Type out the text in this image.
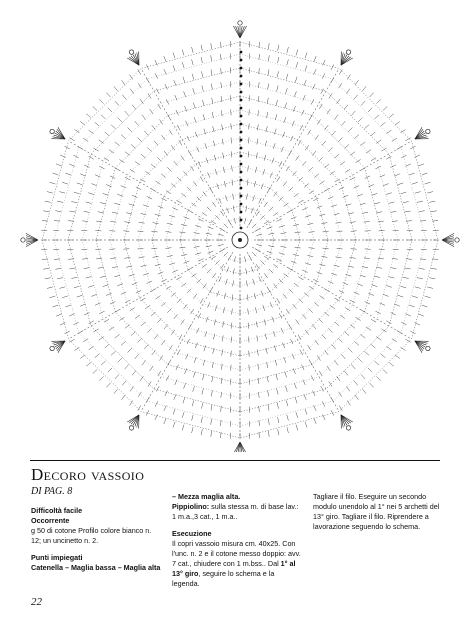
Decoro vassoio
DI PAG. 8

Difficoltà facile

Occorrente

g 50 di cotone Profilo colore bianco n. 12; un uncinetto n. 2.

Punti impiegati

Catenella – Maglia bassa – Maglia alta

– Mezza maglia alta.

Pippiolino: sulla stessa m. di base lav.: 1 m.a.,3 cat., 1 m.a..

Esecuzione

Il copri vassoio misura cm. 40x25. Con l'unc. n. 2 e il cotone messo doppio: avv. 7 cat., chiudere con 1 m.bss.. Dal 1° al 13° giro, seguire lo schema e la legenda.

Tagliare il filo. Eseguire un secondo modulo unendolo al 1° nei 5 archetti del 13° giro. Tagliare il filo. Riprendere a lavorazione seguendo lo schema.

22
